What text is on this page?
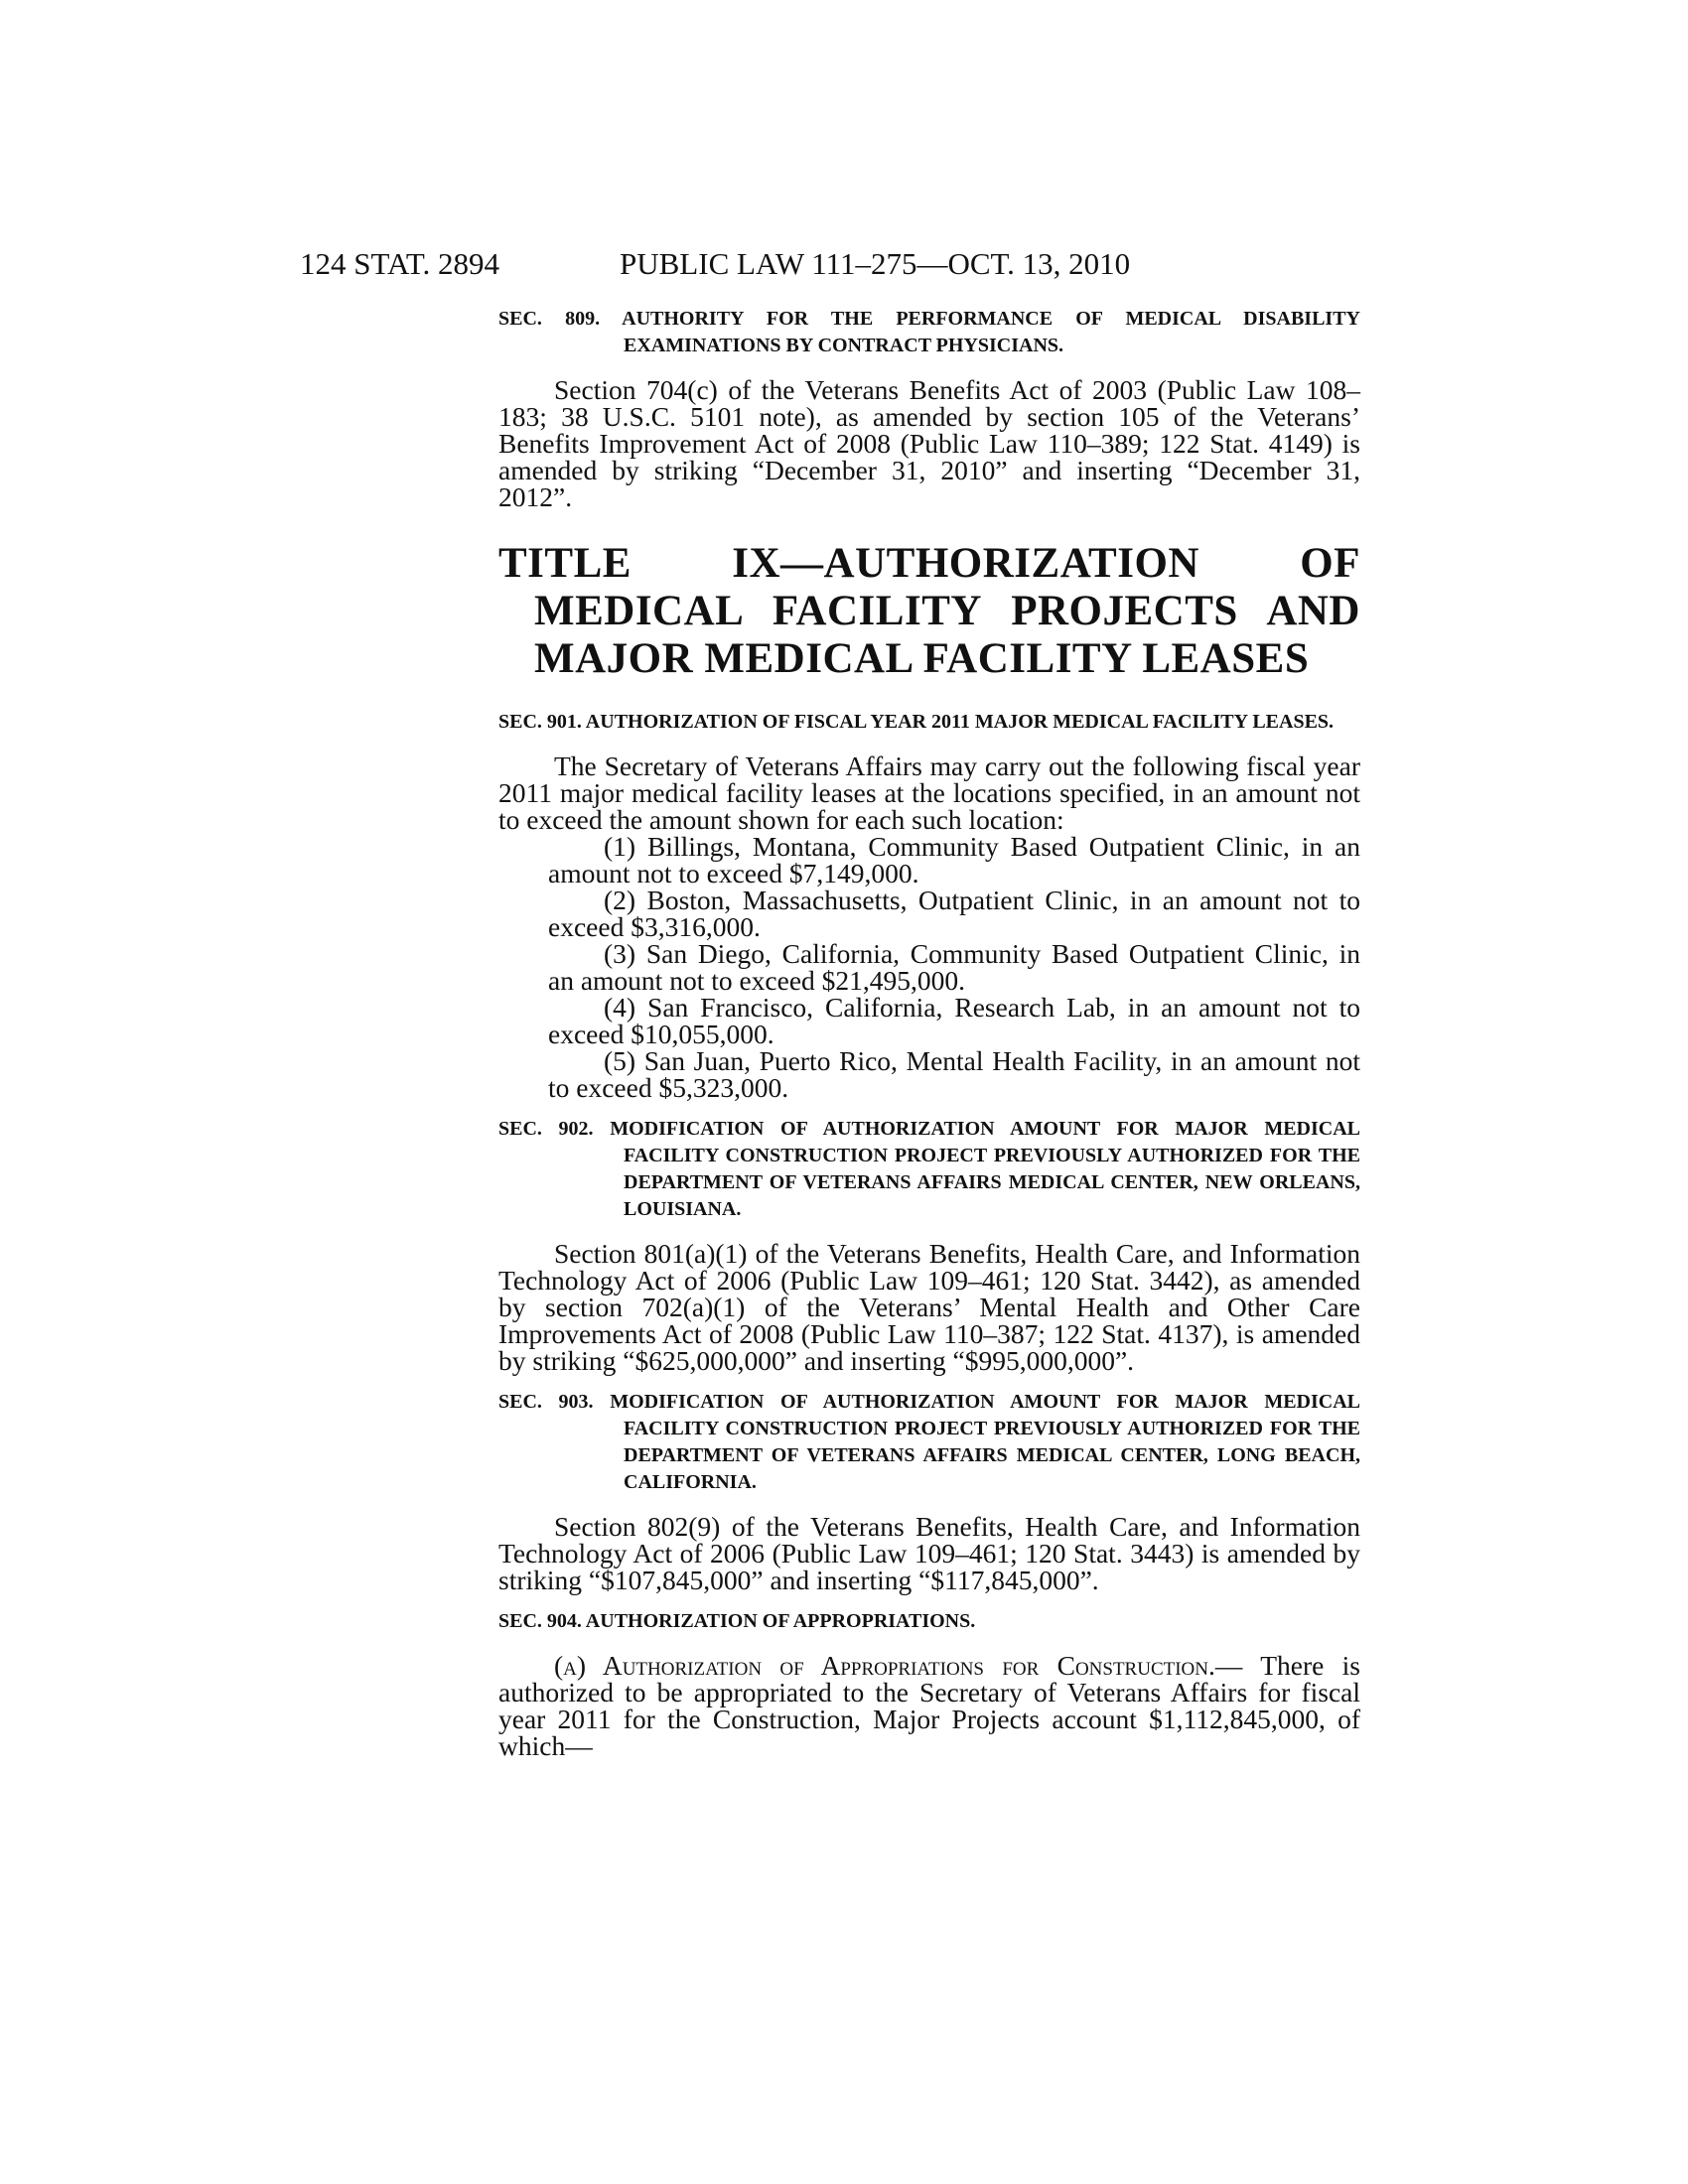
124 STAT. 2894	PUBLIC LAW 111–275—OCT. 13, 2010

SEC. 809. AUTHORITY FOR THE PERFORMANCE OF MEDICAL DISABILITY EXAMINATIONS BY CONTRACT PHYSICIANS.

Section 704(c) of the Veterans Benefits Act of 2003 (Public Law 108–183; 38 U.S.C. 5101 note), as amended by section 105 of the Veterans’ Benefits Improvement Act of 2008 (Public Law 110–389; 122 Stat. 4149) is amended by striking “December 31, 2010” and inserting “December 31, 2012”.

TITLE IX—AUTHORIZATION OF MEDICAL FACILITY PROJECTS AND MAJOR MEDICAL FACILITY LEASES

SEC. 901. AUTHORIZATION OF FISCAL YEAR 2011 MAJOR MEDICAL FACILITY LEASES.

The Secretary of Veterans Affairs may carry out the following fiscal year 2011 major medical facility leases at the locations specified, in an amount not to exceed the amount shown for each such location:

(1) Billings, Montana, Community Based Outpatient Clinic, in an amount not to exceed $7,149,000.

(2) Boston, Massachusetts, Outpatient Clinic, in an amount not to exceed $3,316,000.

(3) San Diego, California, Community Based Outpatient Clinic, in an amount not to exceed $21,495,000.

(4) San Francisco, California, Research Lab, in an amount not to exceed $10,055,000.

(5) San Juan, Puerto Rico, Mental Health Facility, in an amount not to exceed $5,323,000.

SEC. 902. MODIFICATION OF AUTHORIZATION AMOUNT FOR MAJOR MEDICAL FACILITY CONSTRUCTION PROJECT PREVIOUSLY AUTHORIZED FOR THE DEPARTMENT OF VETERANS AFFAIRS MEDICAL CENTER, NEW ORLEANS, LOUISIANA.

Section 801(a)(1) of the Veterans Benefits, Health Care, and Information Technology Act of 2006 (Public Law 109–461; 120 Stat. 3442), as amended by section 702(a)(1) of the Veterans’ Mental Health and Other Care Improvements Act of 2008 (Public Law 110–387; 122 Stat. 4137), is amended by striking “$625,000,000” and inserting “$995,000,000”.

SEC. 903. MODIFICATION OF AUTHORIZATION AMOUNT FOR MAJOR MEDICAL FACILITY CONSTRUCTION PROJECT PREVIOUSLY AUTHORIZED FOR THE DEPARTMENT OF VETERANS AFFAIRS MEDICAL CENTER, LONG BEACH, CALIFORNIA.

Section 802(9) of the Veterans Benefits, Health Care, and Information Technology Act of 2006 (Public Law 109–461; 120 Stat. 3443) is amended by striking “$107,845,000” and inserting “$117,845,000”.

SEC. 904. AUTHORIZATION OF APPROPRIATIONS.

(a) Authorization of Appropriations for Construction.— There is authorized to be appropriated to the Secretary of Veterans Affairs for fiscal year 2011 for the Construction, Major Projects account $1,112,845,000, of which—
